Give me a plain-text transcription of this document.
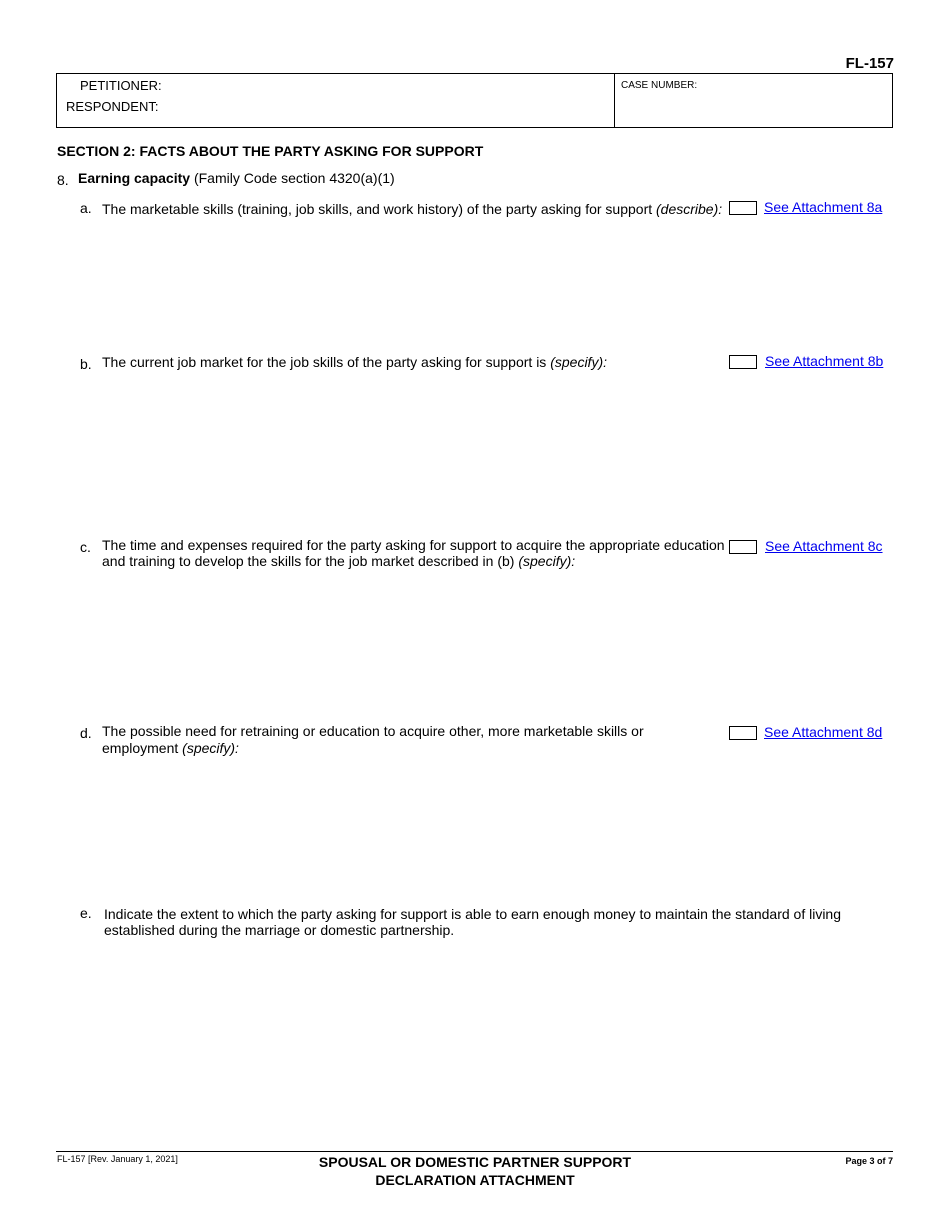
FL-157
PETITIONER:
RESPONDENT:
CASE NUMBER:
SECTION 2: FACTS ABOUT THE PARTY ASKING FOR SUPPORT
8. Earning capacity (Family Code section 4320(a)(1)
a. The marketable skills (training, job skills, and work history) of the party asking for support (describe):	See Attachment 8a
b. The current job market for the job skills of the party asking for support is (specify):	See Attachment 8b
c. The time and expenses required for the party asking for support to acquire the appropriate education
and training to develop the skills for the job market described in (b) (specify):
See Attachment 8c
d. The possible need for retraining or education to acquire other, more marketable skills or
employment (specify):
See Attachment 8d
e. Indicate the extent to which the party asking for support is able to earn enough money to maintain the standard of living
established during the marriage or domestic partnership.
FL-157 [Rev. January 1, 2021]	SPOUSAL OR DOMESTIC PARTNER SUPPORT
DECLARATION ATTACHMENT
Page 3 of 7
